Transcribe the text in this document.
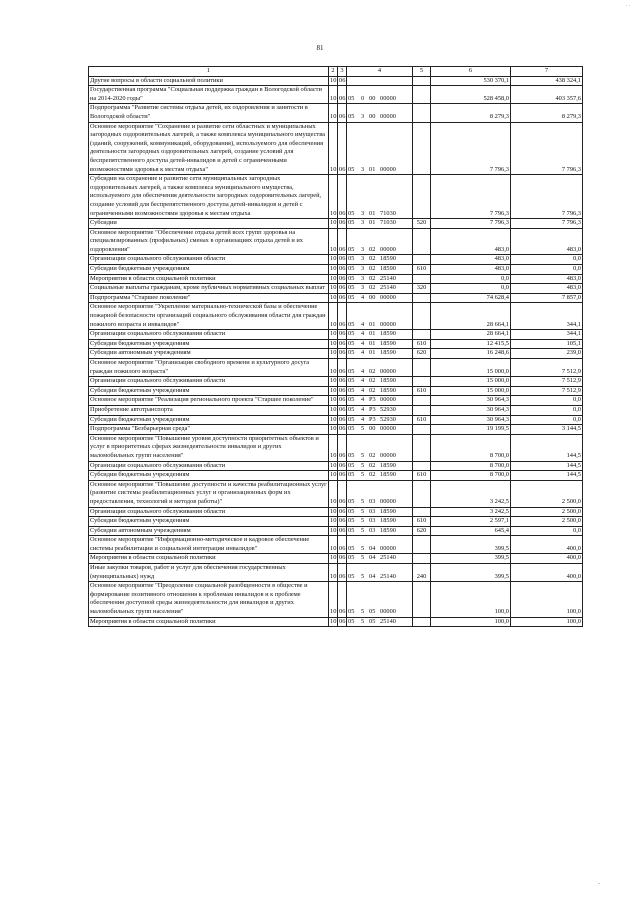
. .
81
1	2	3	4	5	6	7
Другие вопросы в области социальной политики	10	06			530 370,1	438 324,1
Государственная программа "Социальная поддержка граждан в Вологодской области на 2014-2020 годы"	10	06	05 0 00 00000		528 458,0	403 357,6
Подпрограмма "Развитие системы отдыха детей, их оздоровления и занятости в Вологодской области"	10	06	05 3 00 00000		8 279,3	8 279,3
Основное мероприятие "Сохранение и развитие сети областных и муниципальных загородных оздоровительных лагерей, а также комплекса муниципального имущества (зданий, сооружений, коммуникаций, оборудования), используемого для обеспечения деятельности загородных оздоровительных лагерей, создание условий для беспрепятственного доступа детей-инвалидов и детей с ограниченными возможностями здоровья к местам отдыха"	10	06	05 3 01 00000		7 796,3	7 796,3
Субсидии на сохранение и развитие сети муниципальных загородных оздоровительных лагерей, а также комплекса муниципального имущества, используемого для обеспечения деятельности загородных оздоровительных лагерей, создание условий для беспрепятственного доступа детей-инвалидов и детей с ограниченными возможностями здоровья к местам отдыха	10	06	05 3 01 71030		7 796,3	7 796,3
Субсидии	10	06	05 3 01 71030	520	7 796,3	7 796,3
Основное мероприятие "Обеспечение отдыха детей всех групп здоровья на специализированных (профильных) сменах в организациях отдыха детей и их оздоровления"	10	06	05 3 02 00000		483,0	483,0
Организации социального обслуживания области	10	06	05 3 02 18590		483,0	0,0
Субсидии бюджетным учреждениям	10	06	05 3 02 18590	610	483,0	0,0
Мероприятия в области социальной политики	10	06	05 3 02 25140		0,0	483,0
Социальные выплаты гражданам, кроме публичных нормативных социальных выплат	10	06	05 3 02 25140	320	0,0	483,0
Подпрограмма "Старшее поколение"	10	06	05 4 00 00000		74 628,4	7 857,0
Основное мероприятие "Укрепление материально-технической базы и обеспечение пожарной безопасности организаций социального обслуживания области для граждан пожилого возраста и инвалидов"	10	06	05 4 01 00000		28 664,1	344,1
Организации социального обслуживания области	10	06	05 4 01 18590		28 664,1	344,1
Субсидии бюджетным учреждениям	10	06	05 4 01 18590	610	12 415,5	105,1
Субсидии автономным учреждениям	10	06	05 4 01 18590	620	16 248,6	239,0
Основное мероприятие "Организация свободного времени и культурного досуга граждан пожилого возраста"	10	06	05 4 02 00000		15 000,0	7 512,9
Организации социального обслуживания области	10	06	05 4 02 18590		15 000,0	7 512,9
Субсидии бюджетным учреждениям	10	06	05 4 02 18590	610	15 000,0	7 512,9
Основное мероприятие "Реализация регионального проекта "Старшее поколение"	10	06	05 4 P3 00000		30 964,3	0,0
Приобретение автотранспорта	10	06	05 4 P3 52930		30 964,3	0,0
Субсидии бюджетным учреждениям	10	06	05 4 P3 52930	610	30 964,3	0,0
Подпрограмма "Безбарьерная среда"	10	06	05 5 00 00000		19 199,5	3 144,5
Основное мероприятие "Повышение уровня доступности приоритетных объектов и услуг в приоритетных сферах жизнедеятельности инвалидов и других маломобильных групп населения"	10	06	05 5 02 00000		8 700,0	144,5
Организации социального обслуживания области	10	06	05 5 02 18590		8 700,0	144,5
Субсидии бюджетным учреждениям	10	06	05 5 02 18590	610	8 700,0	144,5
Основное мероприятие "Повышение доступности и качества реабилитационных услуг (развитие системы реабилитационных услуг и организационных форм их предоставления, технологий и методов работы)"	10	06	05 5 03 00000		3 242,5	2 500,0
Организации социального обслуживания области	10	06	05 5 03 18590		3 242,5	2 500,0
Субсидии бюджетным учреждениям	10	06	05 5 03 18590	610	2 597,1	2 500,0
Субсидии автономным учреждениям	10	06	05 5 03 18590	620	645,4	0,0
Основное мероприятие "Информационно-методическое и кадровое обеспечение системы реабилитации и социальной интеграции инвалидов"	10	06	05 5 04 00000		399,5	400,0
Мероприятия в области социальной политики	10	06	05 5 04 25140		399,5	400,0
Иные закупки товаров, работ и услуг для обеспечения государственных (муниципальных) нужд	10	06	05 5 04 25140	240	399,5	400,0
Основное мероприятие "Преодоление социальной разобщенности в обществе и формирование позитивного отношения к проблемам инвалидов и к проблеме обеспечения доступной среды жизнедеятельности для инвалидов и других маломобильных групп населения"	10	06	05 5 05 00000		100,0	100,0
Мероприятия в области социальной политики	10	06	05 5 05 25140		100,0	100,0
-
